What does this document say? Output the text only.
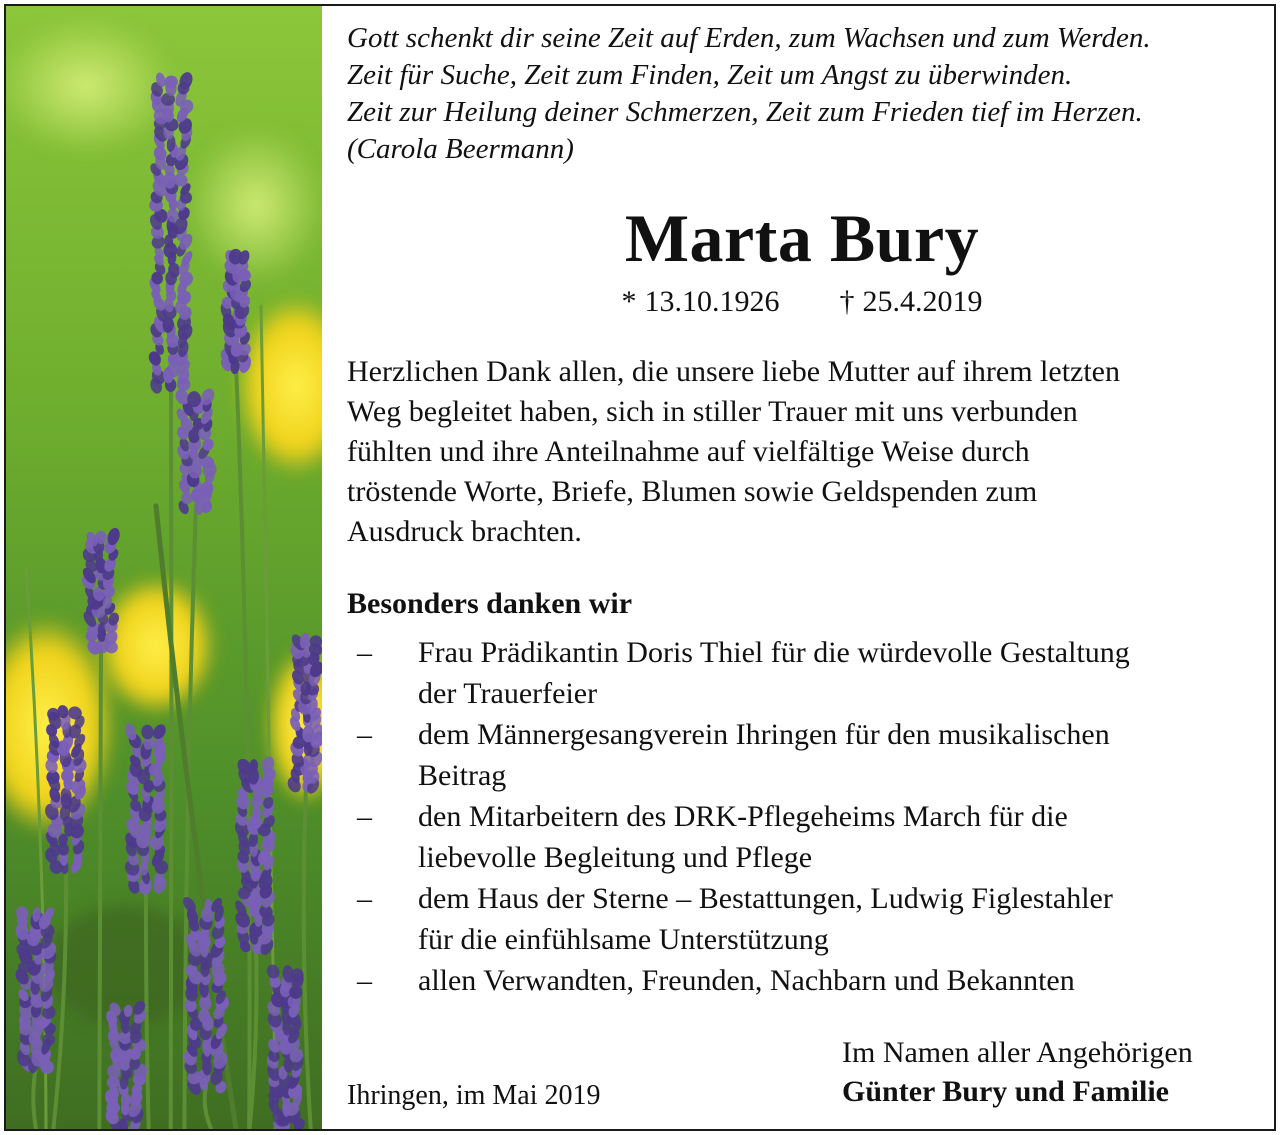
Gott schenkt dir seine Zeit auf Erden, zum Wachsen und zum Werden.
Zeit für Suche, Zeit zum Finden, Zeit um Angst zu überwinden.
Zeit zur Heilung deiner Schmerzen, Zeit zum Frieden tief im Herzen.
(Carola Beermann)
Marta Bury
* 13.10.1926 † 25.4.2019
Herzlichen Dank allen, die unsere liebe Mutter auf ihrem letzten
Weg begleitet haben, sich in stiller Trauer mit uns verbunden
fühlten und ihre Anteilnahme auf vielfältige Weise durch
tröstende Worte, Briefe, Blumen sowie Geldspenden zum
Ausdruck brachten.
Besonders danken wir
– Frau Prädikantin Doris Thiel für die würdevolle Gestaltung
der Trauerfeier
– dem Männergesangverein Ihringen für den musikalischen
Beitrag
– den Mitarbeitern des DRK-Pflegeheims March für die
liebevolle Begleitung und Pflege
– dem Haus der Sterne – Bestattungen, Ludwig Figlestahler
für die einfühlsame Unterstützung
– allen Verwandten, Freunden, Nachbarn und Bekannten
Ihringen, im Mai 2019
Im Namen aller Angehörigen
Günter Bury und Familie
